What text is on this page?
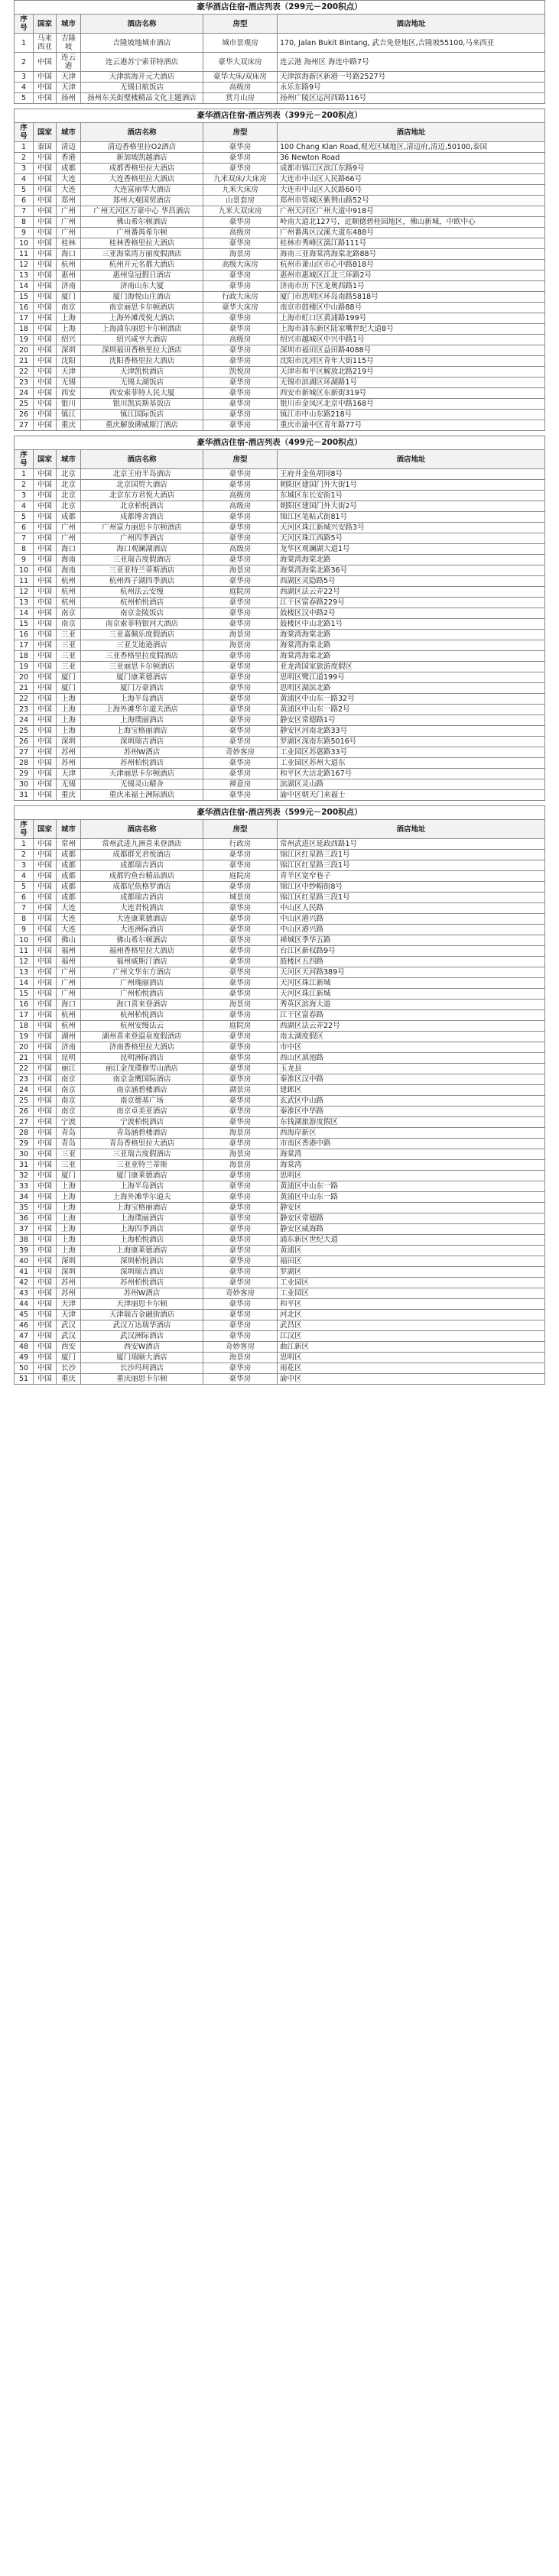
豪华酒店住宿-酒店列表（299元－200积点）					
序号	国家	城市	酒店名称	房型	酒店地址
1	马来西亚	吉隆坡	吉隆坡地城市酒店	城市景观房	170, Jalan Bukit Bintang, 武吉免登地区,吉隆坡55100,马来西亚
2	中国	连云港	连云港苏宁索菲特酒店	豪华大双床房	连云港 海州区 海连中路7号
3	中国	天津	天津滨海开元大酒店	豪华大床/双床房	天津滨海新区新港一号路2527号
4	中国	天津	无锡日航饭店	高级房	永乐东路9号
5	中国	扬州	扬州东关街璧楼精品文化主题酒店	赏月山房	扬州广陵区运河西路116号

豪华酒店住宿-酒店列表（399元－200积点）					
序号	国家	城市	酒店名称	房型	酒店地址
1	泰国	清迈	清迈香格里拉O2酒店	豪华房	100 Chang Klan Road,观光区域地区,清迈府,清迈,50100,泰国
2	中国	香港	新加坡凯越酒店	豪华房	36 Newton Road
3	中国	成都	成都香格里拉大酒店	豪华房	成都市锦江区滨江东路9号
4	中国	大连	大连香格里拉大酒店	九米双床/大床房	大连市中山区人民路66号
5	中国	大连	大连富丽华大酒店	九米大床房	大连市中山区人民路60号
6	中国	郑州	郑州大观国贸酒店	山景套房	郑州市管城区紫荆山路52号
7	中国	广州	广州天河区万豪中心 华昌酒店	九米大双床房	广州天河区广州大道中918号
8	中国	广州	佛山希尔顿酒店	豪华房	岭南大道北127号，近顺德碧桂园地区，佛山新城，中欧中心
9	中国	广州	广州番禺希尔顿	高级房	广州番禺区汉溪大道东488号
10	中国	桂林	桂林香格里拉大酒店	豪华房	桂林市秀峰区漓江路111号
11	中国	海口	三亚海棠湾万丽度假酒店	海景房	海南三亚海棠湾海棠北路88号
12	中国	杭州	杭州开元名都大酒店	高级大床房	杭州市萧山区市心中路818号
13	中国	惠州	惠州皇冠假日酒店	豪华房	惠州市惠城区江北三环路2号
14	中国	济南	济南山东大厦	豪华房	济南市历下区龙奥西路1号
15	中国	厦门	厦门海悦山庄酒店	行政大床房	厦门市思明区环岛南路5818号
16	中国	南京	南京丽思卡尔顿酒店	豪华大床房	南京市鼓楼区中山路88号
17	中国	上海	上海外滩茂悦大酒店	豪华房	上海市虹口区黄浦路199号
18	中国	上海	上海浦东丽思卡尔顿酒店	豪华房	上海市浦东新区陆家嘴世纪大道8号
19	中国	绍兴	绍兴咸亨大酒店	高级房	绍兴市越城区中兴中路1号
20	中国	深圳	深圳福田香格里拉大酒店	豪华房	深圳市福田区益田路4088号
21	中国	沈阳	沈阳香格里拉大酒店	豪华房	沈阳市沈河区青年大街115号
22	中国	天津	天津凯悦酒店	凯悦房	天津市和平区解放北路219号
23	中国	无锡	无锡太湖饭店	豪华房	无锡市滨湖区环湖路1号
24	中国	西安	西安索菲特人民大厦	豪华房	西安市新城区东新街319号
25	中国	银川	银川凯宾斯基饭店	豪华房	银川市金凤区北京中路168号
26	中国	镇江	镇江国际饭店	豪华房	镇江市中山东路218号
27	中国	重庆	重庆解放碑威斯汀酒店	豪华房	重庆市渝中区青年路77号

豪华酒店住宿-酒店列表（499元－200积点）					
序号	国家	城市	酒店名称	房型	酒店地址
1	中国	北京	北京王府半岛酒店	豪华房	王府井金鱼胡同8号
2	中国	北京	北京国贸大酒店	豪华房	朝阳区建国门外大街1号
3	中国	北京	北京东方君悦大酒店	高级房	东城区东长安街1号
4	中国	北京	北京柏悦酒店	高级房	朝阳区建国门外大街2号
5	中国	成都	成都博舍酒店	豪华房	锦江区笔帖式街81号
6	中国	广州	广州富力丽思卡尔顿酒店	豪华房	天河区珠江新城兴安路3号
7	中国	广州	广州四季酒店	豪华房	天河区珠江西路5号
8	中国	海口	海口观澜湖酒店	高级房	龙华区观澜湖大道1号
9	中国	海南	三亚瑞吉度假酒店	豪华房	海棠湾海棠北路
10	中国	海南	三亚亚特兰蒂斯酒店	海景房	海棠湾海棠北路36号
11	中国	杭州	杭州西子湖四季酒店	豪华房	西湖区灵隐路5号
12	中国	杭州	杭州法云安缦	庭院房	西湖区法云弄22号
13	中国	杭州	杭州柏悦酒店	豪华房	江干区富春路229号
14	中国	南京	南京金陵饭店	豪华房	鼓楼区汉中路2号
15	中国	南京	南京索菲特银河大酒店	豪华房	鼓楼区中山北路1号
16	中国	三亚	三亚嘉佩乐度假酒店	海景房	海棠湾海棠北路
17	中国	三亚	三亚艾迪逊酒店	海景房	海棠湾海棠北路
18	中国	三亚	三亚香格里拉度假酒店	豪华房	海棠湾海棠北路
19	中国	三亚	三亚丽思卡尔顿酒店	豪华房	亚龙湾国家旅游度假区
20	中国	厦门	厦门康莱德酒店	豪华房	思明区鹭江道199号
21	中国	厦门	厦门万豪酒店	豪华房	思明区湖滨北路
22	中国	上海	上海半岛酒店	豪华房	黄浦区中山东一路32号
23	中国	上海	上海外滩华尔道夫酒店	豪华房	黄浦区中山东一路2号
24	中国	上海	上海璞丽酒店	豪华房	静安区常德路1号
25	中国	上海	上海宝格丽酒店	豪华房	静安区河南北路33号
26	中国	深圳	深圳瑞吉酒店	豪华房	罗湖区深南东路5016号
27	中国	苏州	苏州W酒店	奇妙客房	工业园区苏惠路33号
28	中国	苏州	苏州柏悦酒店	豪华房	工业园区苏州大道东
29	中国	天津	天津丽思卡尔顿酒店	豪华房	和平区大沽北路167号
30	中国	无锡	无锡灵山精舍	禅意房	滨湖区灵山路
31	中国	重庆	重庆来福士洲际酒店	豪华房	渝中区朝天门来福士

豪华酒店住宿-酒店列表（599元－200积点）					
序号	国家	城市	酒店名称	房型	酒店地址
1	中国	常州	常州武进九洲喜来登酒店	行政房	常州武进区延政西路1号
2	中国	成都	成都群光君悦酒店	豪华房	锦江区红星路三段1号
3	中国	成都	成都瑞吉酒店	豪华房	锦江区红星路三段1号
4	中国	成都	成都钓鱼台精品酒店	庭院房	青羊区宽窄巷子
5	中国	成都	成都尼依格罗酒店	豪华房	锦江区中纱帽街8号
6	中国	成都	成都瑞吉酒店	城景房	锦江区红星路三段1号
7	中国	大连	大连君悦酒店	豪华房	中山区人民路
8	中国	大连	大连康莱德酒店	豪华房	中山区港兴路
9	中国	大连	大连洲际酒店	豪华房	中山区港兴路
10	中国	佛山	佛山希尔顿酒店	豪华房	禅城区季华五路
11	中国	福州	福州香格里拉大酒店	豪华房	台江区新权路9号
12	中国	福州	福州威斯汀酒店	豪华房	鼓楼区五四路
13	中国	广州	广州文华东方酒店	豪华房	天河区天河路389号
14	中国	广州	广州瑰丽酒店	豪华房	天河区珠江新城
15	中国	广州	广州柏悦酒店	豪华房	天河区珠江新城
16	中国	海口	海口喜来登酒店	海景房	秀英区滨海大道
17	中国	杭州	杭州柏悦酒店	豪华房	江干区富春路
18	中国	杭州	杭州安缦法云	庭院房	西湖区法云弄22号
19	中国	湖州	湖州喜来登温泉度假酒店	豪华房	南太湖度假区
20	中国	济南	济南香格里拉大酒店	豪华房	市中区
21	中国	昆明	昆明洲际酒店	豪华房	西山区滇池路
22	中国	丽江	丽江金茂璞修雪山酒店	豪华房	玉龙县
23	中国	南京	南京金鹰国际酒店	豪华房	秦淮区汉中路
24	中国	南京	南京涵碧楼酒店	湖景房	建邺区
25	中国	南京	南京德基广场	豪华房	玄武区中山路
26	中国	南京	南京卓美亚酒店	豪华房	秦淮区中华路
27	中国	宁波	宁波柏悦酒店	豪华房	东钱湖旅游度假区
28	中国	青岛	青岛涵碧楼酒店	海景房	西海岸新区
29	中国	青岛	青岛香格里拉大酒店	豪华房	市南区香港中路
30	中国	三亚	三亚瑞吉度假酒店	海景房	海棠湾
31	中国	三亚	三亚亚特兰蒂斯	海景房	海棠湾
32	中国	厦门	厦门康莱德酒店	豪华房	思明区
33	中国	上海	上海半岛酒店	豪华房	黄浦区中山东一路
34	中国	上海	上海外滩华尔道夫	豪华房	黄浦区中山东一路
35	中国	上海	上海宝格丽酒店	豪华房	静安区
36	中国	上海	上海璞丽酒店	豪华房	静安区常德路
37	中国	上海	上海四季酒店	豪华房	静安区威海路
38	中国	上海	上海柏悦酒店	豪华房	浦东新区世纪大道
39	中国	上海	上海康莱德酒店	豪华房	黄浦区
40	中国	深圳	深圳柏悦酒店	豪华房	福田区
41	中国	深圳	深圳瑞吉酒店	豪华房	罗湖区
42	中国	苏州	苏州柏悦酒店	豪华房	工业园区
43	中国	苏州	苏州W酒店	奇妙客房	工业园区
44	中国	天津	天津丽思卡尔顿	豪华房	和平区
45	中国	天津	天津瑞吉金融街酒店	豪华房	河北区
46	中国	武汉	武汉万达瑞华酒店	豪华房	武昌区
47	中国	武汉	武汉洲际酒店	豪华房	江汉区
48	中国	西安	西安W酒店	奇妙客房	曲江新区
49	中国	厦门	厦门瑞颐大酒店	海景房	思明区
50	中国	长沙	长沙玛珂酒店	豪华房	雨花区
51	中国	重庆	重庆丽思卡尔顿	豪华房	渝中区
